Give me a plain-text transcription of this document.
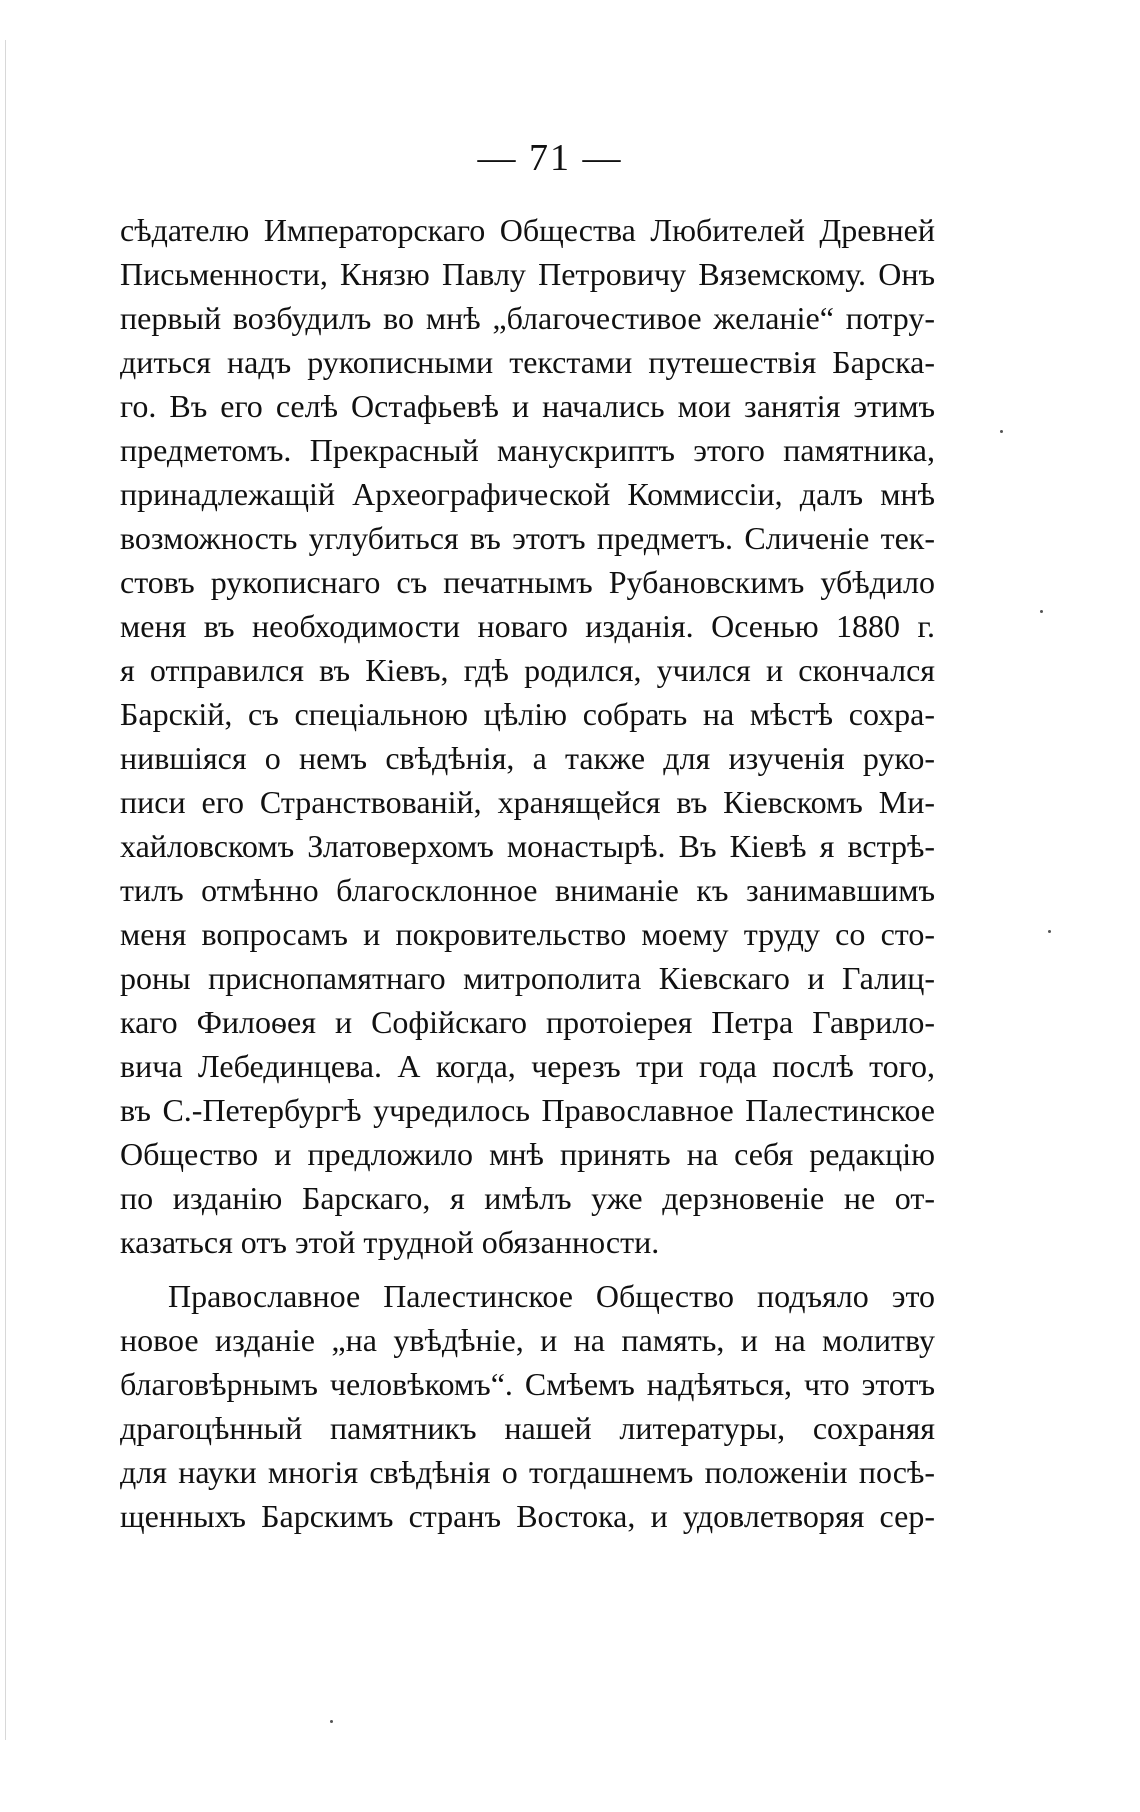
— 71 —
сѣдателю Императорскаго Общества Любителей Древней
Письменности, Князю Павлу Петровичу Вяземскому. Онъ
первый возбудилъ во мнѣ „благочестивое желаніе“ потру-
диться надъ рукописными текстами путешествія Барска-
го. Въ его селѣ Остафьевѣ и начались мои занятія этимъ
предметомъ. Прекрасный манускриптъ этого памятника,
принадлежащій Археографической Коммиссіи, далъ мнѣ
возможность углубиться въ этотъ предметъ. Сличеніе тек-
стовъ рукописнаго съ печатнымъ Рубановскимъ убѣдило
меня въ необходимости новаго изданія. Осенью 1880 г.
я отправился въ Кіевъ, гдѣ родился, учился и скончался
Барскій, съ спеціальною цѣлію собрать на мѣстѣ сохра-
нившіяся о немъ свѣдѣнія, а также для изученія руко-
писи его Странствованій, хранящейся въ Кіевскомъ Ми-
хайловскомъ Златоверхомъ монастырѣ. Въ Кіевѣ я встрѣ-
тилъ отмѣнно благосклонное вниманіе къ занимавшимъ
меня вопросамъ и покровительство моему труду со сто-
роны приснопамятнаго митрополита Кіевскаго и Галиц-
каго Филоѳея и Софійскаго протоіерея Петра Гаврило-
вича Лебединцева. А когда, черезъ три года послѣ того,
въ С.-Петербургѣ учредилось Православное Палестинское
Общество и предложило мнѣ принять на себя редакцію
по изданію Барскаго, я имѣлъ уже дерзновеніе не от-
казаться отъ этой трудной обязанности.
Православное Палестинское Общество подъяло это
новое изданіе „на увѣдѣніе, и на память, и на молитву
благовѣрнымъ человѣкомъ“. Смѣемъ надѣяться, что этотъ
драгоцѣнный памятникъ нашей литературы, сохраняя
для науки многія свѣдѣнія о тогдашнемъ положеніи посѣ-
щенныхъ Барскимъ странъ Востока, и удовлетворяя сер-
